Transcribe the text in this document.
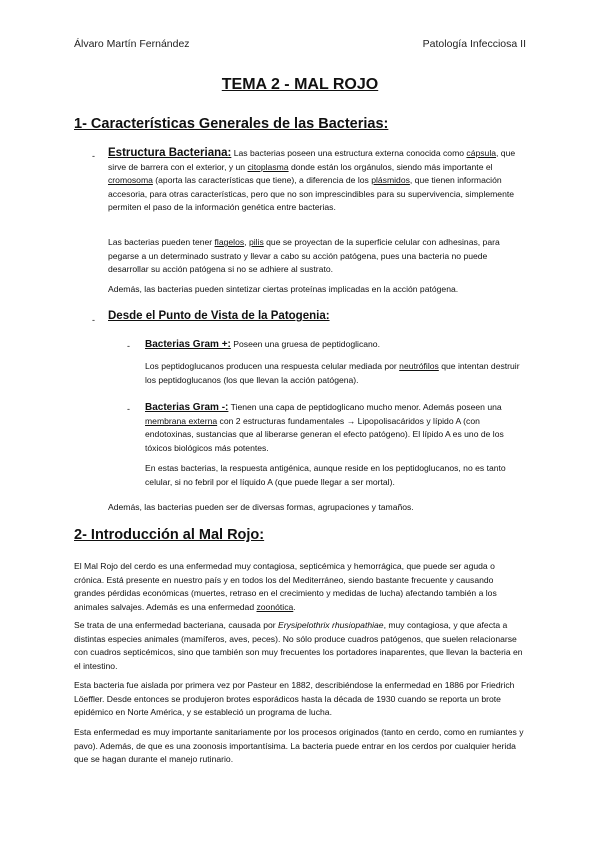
Álvaro Martín Fernández	Patología Infecciosa II
TEMA 2 - MAL ROJO
1- Características Generales de las Bacterias:
- Estructura Bacteriana: Las bacterias poseen una estructura externa conocida como cápsula, que sirve de barrera con el exterior, y un citoplasma donde están los orgánulos, siendo más importante el cromosoma (aporta las características que tiene), a diferencia de los plásmidos, que tienen información accesoria, para otras características, pero que no son imprescindibles para su supervivencia, simplemente permiten el paso de la información genética entre bacterias.

Las bacterias pueden tener flagelos, pilis que se proyectan de la superficie celular con adhesinas, para pegarse a un determinado sustrato y llevar a cabo su acción patógena, pues una bacteria no puede desarrollar su acción patógena si no se adhiere al sustrato.

Además, las bacterias pueden sintetizar ciertas proteínas implicadas en la acción patógena.

- Desde el Punto de Vista de la Patogenia:

- Bacterias Gram +: Poseen una gruesa de peptidoglicano.

Los peptidoglucanos producen una respuesta celular mediada por neutrófilos que intentan destruir los peptidoglucanos (los que llevan la acción patógena).

- Bacterias Gram -: Tienen una capa de peptidoglicano mucho menor. Además poseen una membrana externa con 2 estructuras fundamentales → Lipopolisacáridos y lípido A (con endotoxinas, sustancias que al liberarse generan el efecto patógeno). El lípido A es uno de los tóxicos biológicos más potentes.

En estas bacterias, la respuesta antigénica, aunque reside en los peptidoglucanos, no es tanto celular, si no febril por el líquido A (que puede llegar a ser mortal).

Además, las bacterias pueden ser de diversas formas, agrupaciones y tamaños.

2- Introducción al Mal Rojo:

El Mal Rojo del cerdo es una enfermedad muy contagiosa, septicémica y hemorrágica, que puede ser aguda o crónica. Está presente en nuestro país y en todos los del Mediterráneo, siendo bastante frecuente y causando grandes pérdidas económicas (muertes, retraso en el crecimiento y medidas de lucha) afectando también a los animales salvajes. Además es una enfermedad zoonótica.

Se trata de una enfermedad bacteriana, causada por Erysipelothrix rhusiopathiae, muy contagiosa, y que afecta a distintas especies animales (mamíferos, aves, peces). No sólo produce cuadros patógenos, que suelen relacionarse con cuadros septicémicos, sino que también son muy frecuentes los portadores inaparentes, que llevan la bacteria en el intestino.

Esta bacteria fue aislada por primera vez por Pasteur en 1882, describiéndose la enfermedad en 1886 por Friedrich Löeffler. Desde entonces se produjeron brotes esporádicos hasta la década de 1930 cuando se reporta un brote epidémico en Norte América, y se estableció un programa de lucha.

Esta enfermedad es muy importante sanitariamente por los procesos originados (tanto en cerdo, como en rumiantes y pavo). Además, de que es una zoonosis importantísima. La bacteria puede entrar en los cerdos por cualquier herida que se hagan durante el manejo rutinario.
